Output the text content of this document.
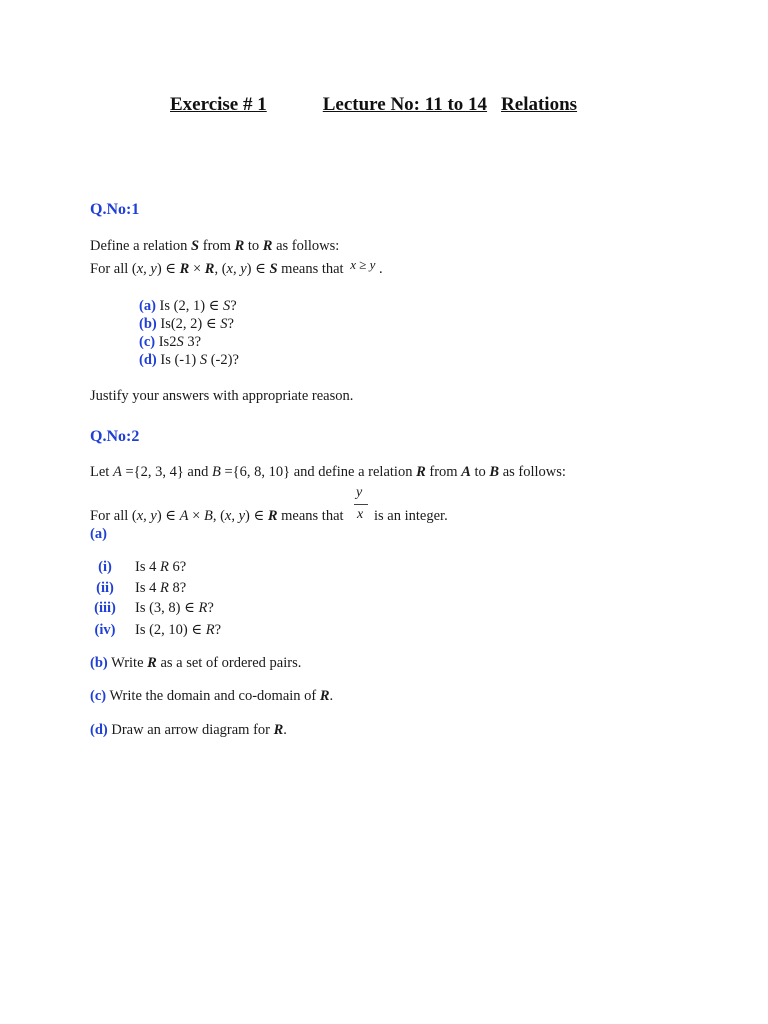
Exercise # 1	Lecture No: 11 to 14 Relations
Q.No:1
Define a relation S from R to R as follows:
For all (x, y) ∈ R × R, (x, y) ∈ S means that x ≥ y .
(a) Is (2, 1) ∈ S?
(b) Is(2, 2) ∈ S?
(c) Is2S 3?
(d) Is (-1) S (-2)?
Justify your answers with appropriate reason.
Q.No:2
Let A ={2, 3, 4} and B ={6, 8, 10} and define a relation R from A to B as follows:
y
x
For all (x, y) ∈ A × B, (x, y) ∈ R means that is an integer.
(a)
(i) Is 4 R 6?
(ii) Is 4 R 8?
(iii) Is (3, 8) ∈ R?
(iv) Is (2, 10) ∈ R?
(b) Write R as a set of ordered pairs.
(c) Write the domain and co-domain of R.
(d) Draw an arrow diagram for R.
